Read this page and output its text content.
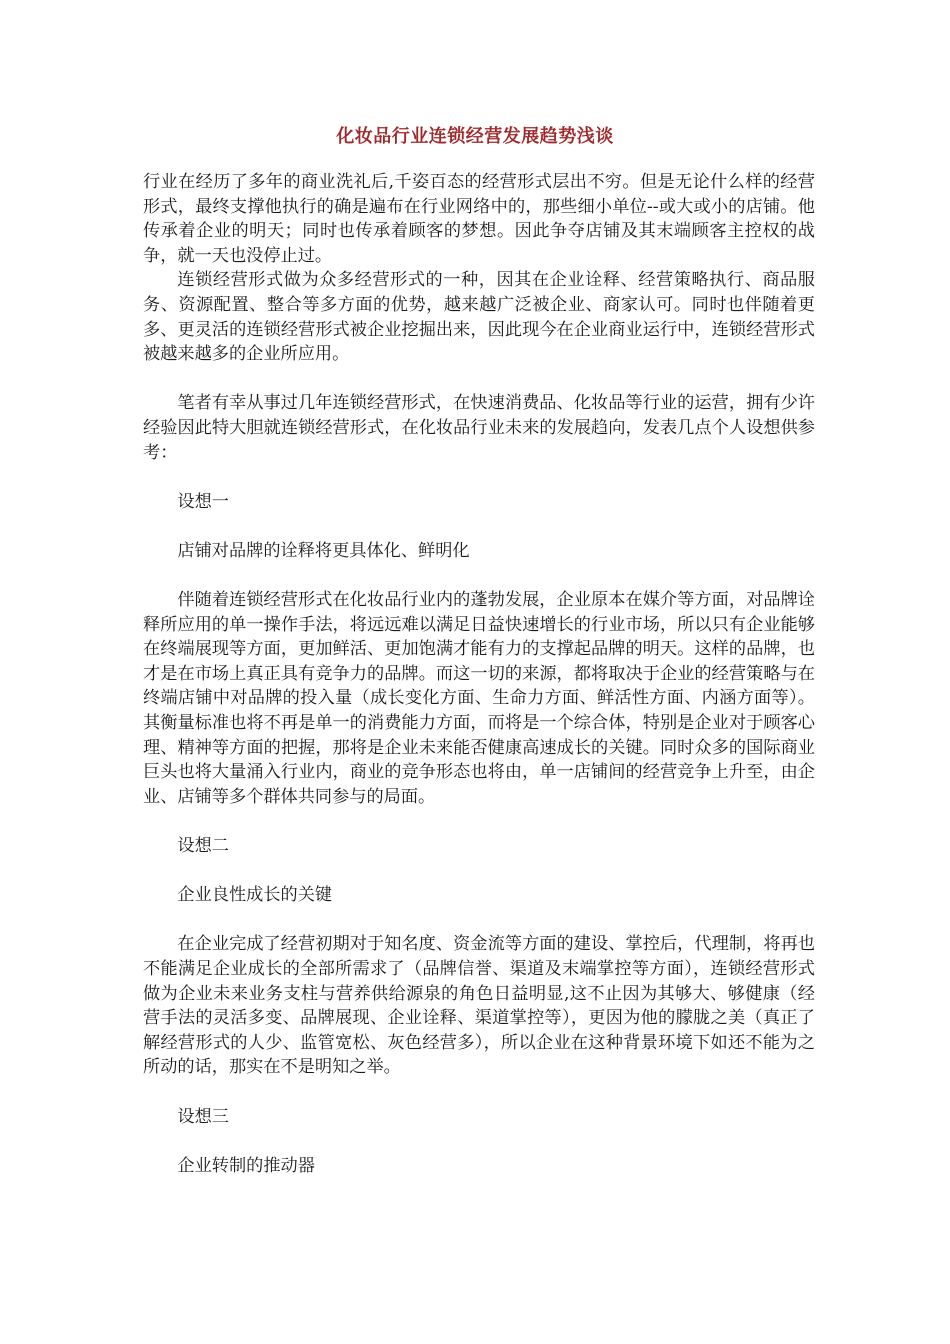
化妆品行业连锁经营发展趋势浅谈

行业在经历了多年的商业洗礼后,千姿百态的经营形式层出不穷。但是无论什么样的经营形式，最终支撑他执行的确是遍布在行业网络中的，那些细小单位--或大或小的店铺。他传承着企业的明天；同时也传承着顾客的梦想。因此争夺店铺及其末端顾客主控权的战争，就一天也没停止过。

连锁经营形式做为众多经营形式的一种，因其在企业诠释、经营策略执行、商品服务、资源配置、整合等多方面的优势，越来越广泛被企业、商家认可。同时也伴随着更多、更灵活的连锁经营形式被企业挖掘出来，因此现今在企业商业运行中，连锁经营形式被越来越多的企业所应用。

笔者有幸从事过几年连锁经营形式，在快速消费品、化妆品等行业的运营，拥有少许经验因此特大胆就连锁经营形式，在化妆品行业未来的发展趋向，发表几点个人设想供参考：

设想一

店铺对品牌的诠释将更具体化、鲜明化

伴随着连锁经营形式在化妆品行业内的蓬勃发展，企业原本在媒介等方面，对品牌诠释所应用的单一操作手法，将远远难以满足日益快速增长的行业市场，所以只有企业能够在终端展现等方面，更加鲜活、更加饱满才能有力的支撑起品牌的明天。这样的品牌，也才是在市场上真正具有竞争力的品牌。而这一切的来源，都将取决于企业的经营策略与在终端店铺中对品牌的投入量（成长变化方面、生命力方面、鲜活性方面、内涵方面等）。其衡量标准也将不再是单一的消费能力方面，而将是一个综合体，特别是企业对于顾客心理、精神等方面的把握，那将是企业未来能否健康高速成长的关键。同时众多的国际商业巨头也将大量涌入行业内，商业的竞争形态也将由，单一店铺间的经营竞争上升至，由企业、店铺等多个群体共同参与的局面。

设想二

企业良性成长的关键

在企业完成了经营初期对于知名度、资金流等方面的建设、掌控后，代理制，将再也不能满足企业成长的全部所需求了（品牌信誉、渠道及末端掌控等方面），连锁经营形式做为企业未来业务支柱与营养供给源泉的角色日益明显,这不止因为其够大、够健康（经营手法的灵活多变、品牌展现、企业诠释、渠道掌控等），更因为他的朦胧之美（真正了解经营形式的人少、监管宽松、灰色经营多），所以企业在这种背景环境下如还不能为之所动的话，那实在不是明知之举。

设想三

企业转制的推动器
